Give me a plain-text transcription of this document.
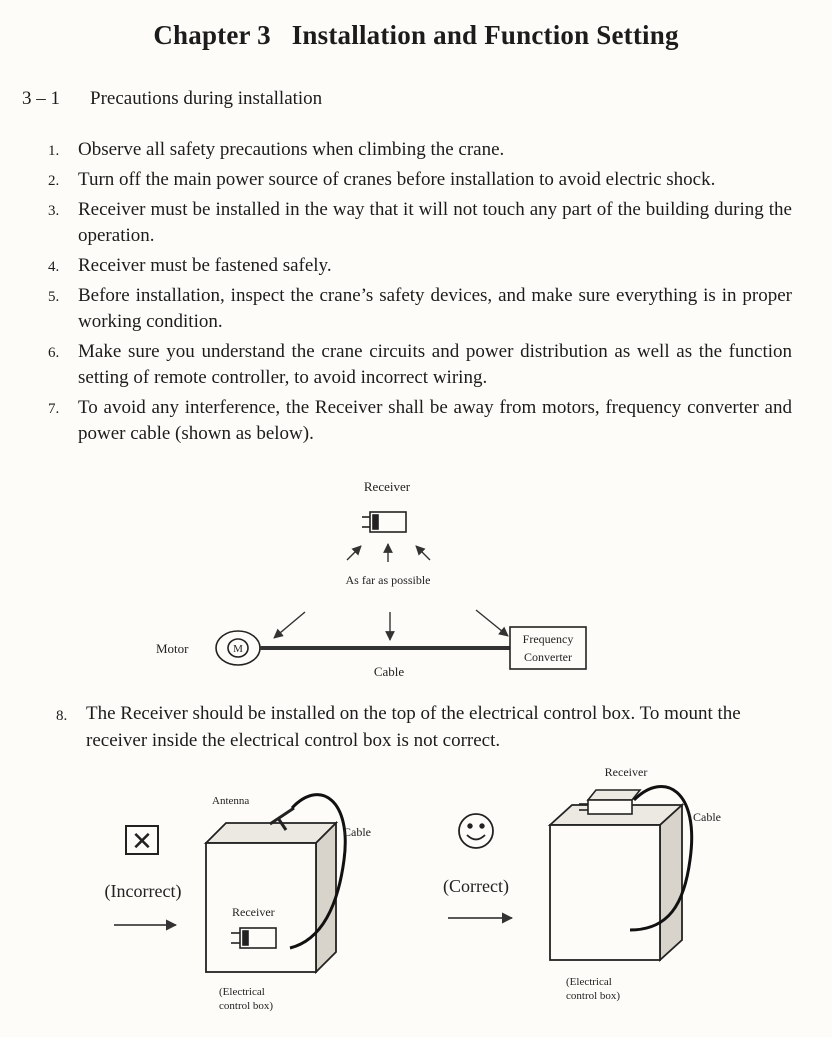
Chapter 3   Installation and Function Setting
3 – 1 Precautions during installation
1. Observe all safety precautions when climbing the crane.
2. Turn off the main power source of cranes before installation to avoid electric shock.
3. Receiver must be installed in the way that it will not touch any part of the building during the operation.
4. Receiver must be fastened safely.
5. Before installation, inspect the crane’s safety devices, and make sure everything is in proper working condition.
6. Make sure you understand the crane circuits and power distribution as well as the function setting of remote controller, to avoid incorrect wiring.
7. To avoid any interference, the Receiver shall be away from motors, frequency converter and power cable (shown as below).
8. The Receiver should be installed on the top of the electrical control box. To mount the receiver inside the electrical control box is not correct.
Receiver
As far as possible
Motor	M
Cable
Frequency
Converter
✕
(Incorrect)
Antenna
Cable
Receiver
(Electrical
control box)
(Correct)
Receiver
Cable
(Electrical
control box)
